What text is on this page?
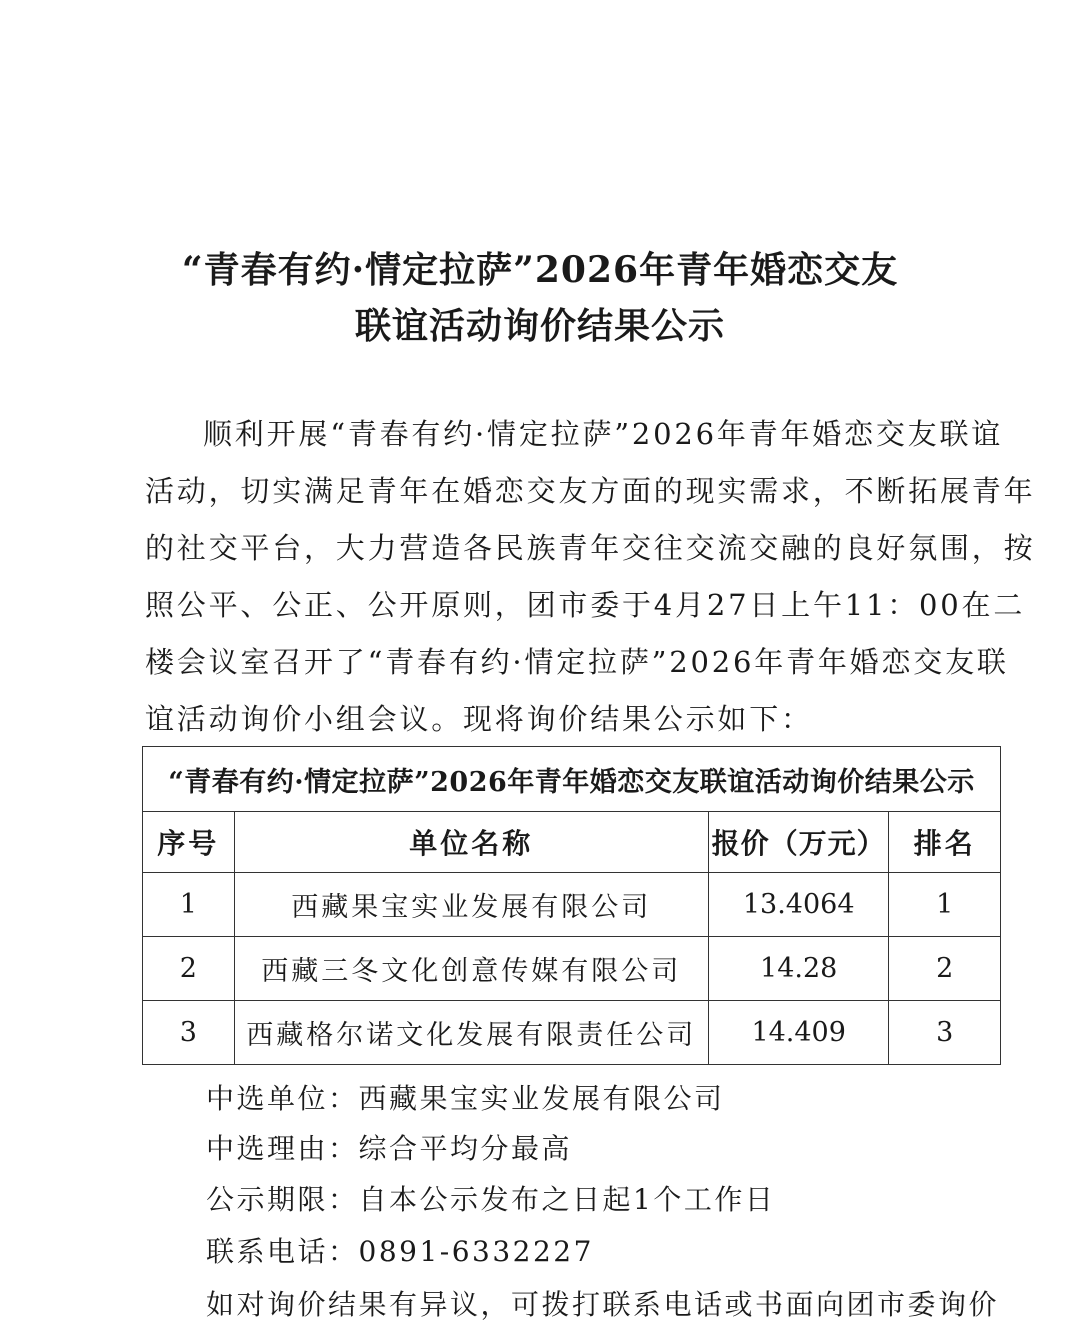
“青春有约·情定拉萨”2026年青年婚恋交友
联谊活动询价结果公示
顺利开展“青春有约·情定拉萨”2026年青年婚恋交友联谊
活动，切实满足青年在婚恋交友方面的现实需求，不断拓展青年
的社交平台，大力营造各民族青年交往交流交融的良好氛围，按
照公平、公正、公开原则，团市委于4月27日上午11：00在二
楼会议室召开了“青春有约·情定拉萨”2026年青年婚恋交友联
谊活动询价小组会议。现将询价结果公示如下：
“青春有约·情定拉萨”2026年青年婚恋交友联谊活动询价结果公示			
序号	单位名称	报价（万元）	排名
1	西藏果宝实业发展有限公司	13.4064	1
2	西藏三冬文化创意传媒有限公司	14.28	2
3	西藏格尔诺文化发展有限责任公司	14.409	3
中选单位：西藏果宝实业发展有限公司
中选理由：综合平均分最高
公示期限：自本公示发布之日起1个工作日
联系电话：0891-6332227
如对询价结果有异议，可拨打联系电话或书面向团市委询价
